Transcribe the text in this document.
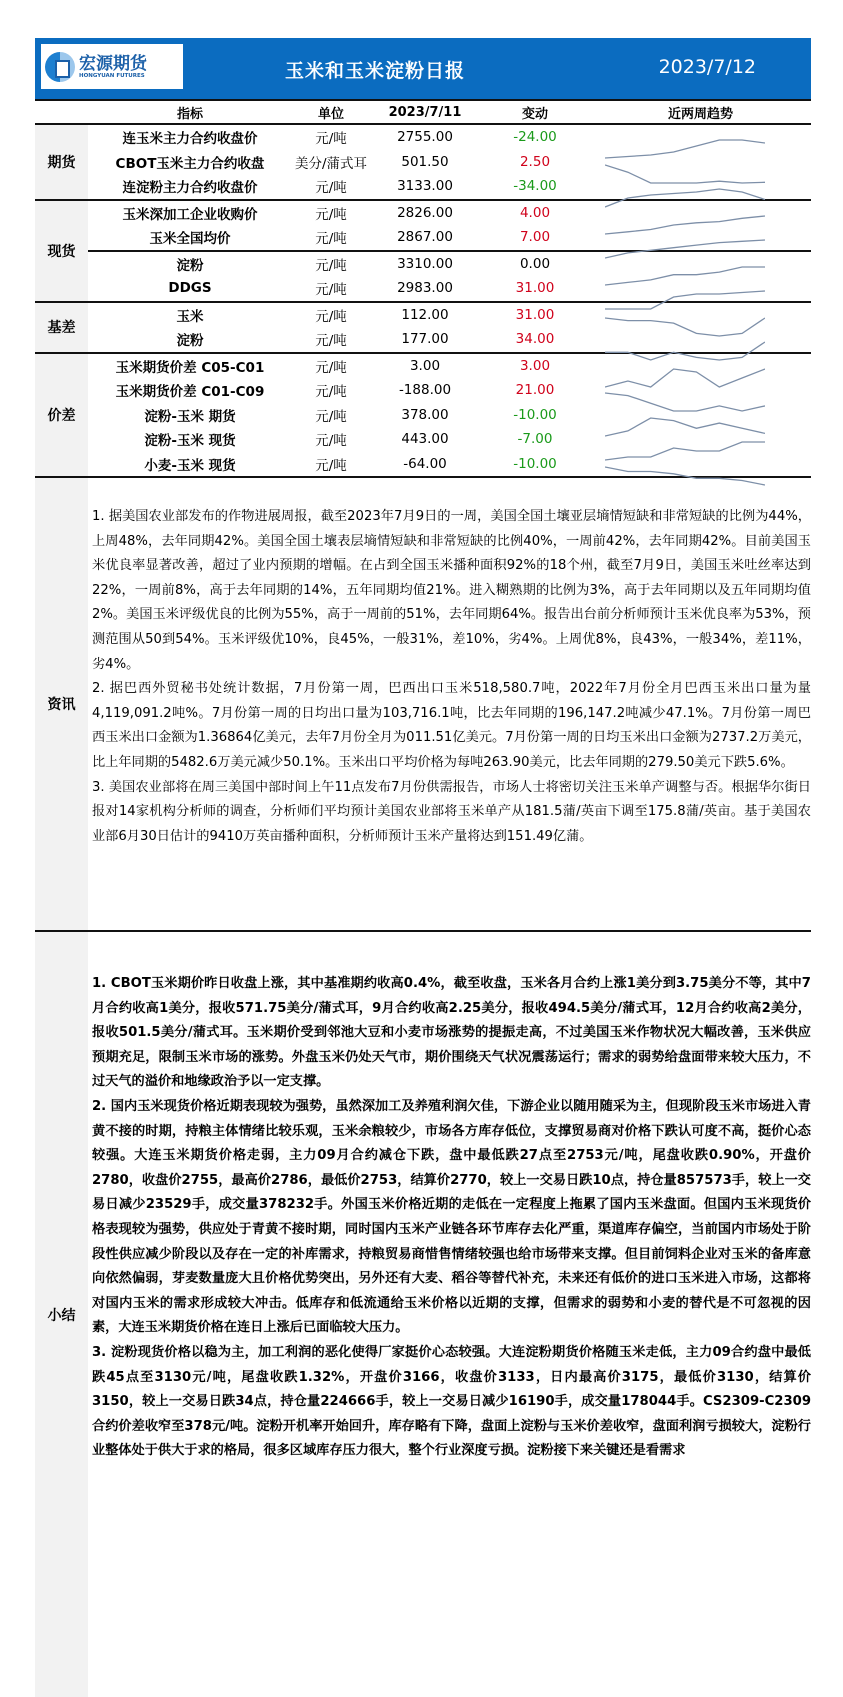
宏源期货
HONGYUAN FUTURES	玉米和玉米淀粉日报	2023/7/12
指标	单位	2023/7/11	变动	近两周趋势
期货
连玉米主力合约收盘价	元/吨	2755.00	-24.00
CBOT玉米主力合约收盘	美分/蒲式耳	501.50	2.50
连淀粉主力合约收盘价	元/吨	3133.00	-34.00
现货
玉米深加工企业收购价	元/吨	2826.00	4.00
玉米全国均价	元/吨	2867.00	7.00
淀粉	元/吨	3310.00	0.00
DDGS	元/吨	2983.00	31.00
基差
玉米	元/吨	112.00	31.00
淀粉	元/吨	177.00	34.00
价差
玉米期货价差 C05-C01	元/吨	3.00	3.00
玉米期货价差 C01-C09	元/吨	-188.00	21.00
淀粉-玉米 期货	元/吨	378.00	-10.00
淀粉-玉米 现货	元/吨	443.00	-7.00
小麦-玉米 现货	元/吨	-64.00	-10.00
资讯

1. 据美国农业部发布的作物进展周报，截至2023年7月9日的一周，美国全国土壤亚层墒情短缺和非常短缺的比例为44%，上周48%，去年同期42%。美国全国土壤表层墒情短缺和非常短缺的比例40%，一周前42%，去年同期42%。目前美国玉米优良率显著改善，超过了业内预期的增幅。在占到全国玉米播种面积92%的18个州，截至7月9日，美国玉米吐丝率达到22%，一周前8%，高于去年同期的14%，五年同期均值21%。进入糊熟期的比例为3%，高于去年同期以及五年同期均值2%。美国玉米评级优良的比例为55%，高于一周前的51%，去年同期64%。报告出台前分析师预计玉米优良率为53%，预测范围从50到54%。玉米评级优10%，良45%，一般31%，差10%，劣4%。上周优8%，良43%，一般34%，差11%，劣4%。

2. 据巴西外贸秘书处统计数据，7月份第一周，巴西出口玉米518,580.7吨，2022年7月份全月巴西玉米出口量为量4,119,091.2吨%。7月份第一周的日均出口量为103,716.1吨，比去年同期的196,147.2吨减少47.1%。7月份第一周巴西玉米出口金额为1.36864亿美元，去年7月份全月为011.51亿美元。7月份第一周的日均玉米出口金额为2737.2万美元，比上年同期的5482.6万美元减少50.1%。玉米出口平均价格为每吨263.90美元，比去年同期的279.50美元下跌5.6%。

3. 美国农业部将在周三美国中部时间上午11点发布7月份供需报告，市场人士将密切关注玉米单产调整与否。根据华尔街日报对14家机构分析师的调查，分析师们平均预计美国农业部将玉米单产从181.5蒲/英亩下调至175.8蒲/英亩。基于美国农业部6月30日估计的9410万英亩播种面积，分析师预计玉米产量将达到151.49亿蒲。

小结

1. CBOT玉米期价昨日收盘上涨，其中基准期约收高0.4%，截至收盘，玉米各月合约上涨1美分到3.75美分不等，其中7月合约收高1美分，报收571.75美分/蒲式耳，9月合约收高2.25美分，报收494.5美分/蒲式耳，12月合约收高2美分，报收501.5美分/蒲式耳。玉米期价受到邻池大豆和小麦市场涨势的提振走高，不过美国玉米作物状况大幅改善，玉米供应预期充足，限制玉米市场的涨势。外盘玉米仍处天气市，期价围绕天气状况震荡运行；需求的弱势给盘面带来较大压力，不过天气的溢价和地缘政治予以一定支撑。

2. 国内玉米现货价格近期表现较为强势，虽然深加工及养殖利润欠佳，下游企业以随用随采为主，但现阶段玉米市场进入青黄不接的时期，持粮主体情绪比较乐观，玉米余粮较少，市场各方库存低位，支撑贸易商对价格下跌认可度不高，挺价心态较强。大连玉米期货价格走弱，主力09月合约减仓下跌，盘中最低跌27点至2753元/吨，尾盘收跌0.90%，开盘价2780，收盘价2755，最高价2786，最低价2753，结算价2770，较上一交易日跌10点，持仓量857573手，较上一交易日减少23529手，成交量378232手。外国玉米价格近期的走低在一定程度上拖累了国内玉米盘面。但国内玉米现货价格表现较为强势，供应处于青黄不接时期，同时国内玉米产业链各环节库存去化严重，渠道库存偏空，当前国内市场处于阶段性供应减少阶段以及存在一定的补库需求，持粮贸易商惜售情绪较强也给市场带来支撑。但目前饲料企业对玉米的备库意向依然偏弱，芽麦数量庞大且价格优势突出，另外还有大麦、稻谷等替代补充，未来还有低价的进口玉米进入市场，这都将对国内玉米的需求形成较大冲击。低库存和低流通给玉米价格以近期的支撑，但需求的弱势和小麦的替代是不可忽视的因素，大连玉米期货价格在连日上涨后已面临较大压力。

3. 淀粉现货价格以稳为主，加工利润的恶化使得厂家挺价心态较强。大连淀粉期货价格随玉米走低，主力09合约盘中最低跌45点至3130元/吨，尾盘收跌1.32%，开盘价3166，收盘价3133，日内最高价3175，最低价3130，结算价3150，较上一交易日跌34点，持仓量224666手，较上一交易日减少16190手，成交量178044手。CS2309-C2309合约价差收窄至378元/吨。淀粉开机率开始回升，库存略有下降，盘面上淀粉与玉米价差收窄，盘面利润亏损较大，淀粉行业整体处于供大于求的格局，很多区域库存压力很大，整个行业深度亏损。淀粉接下来关键还是看需求
